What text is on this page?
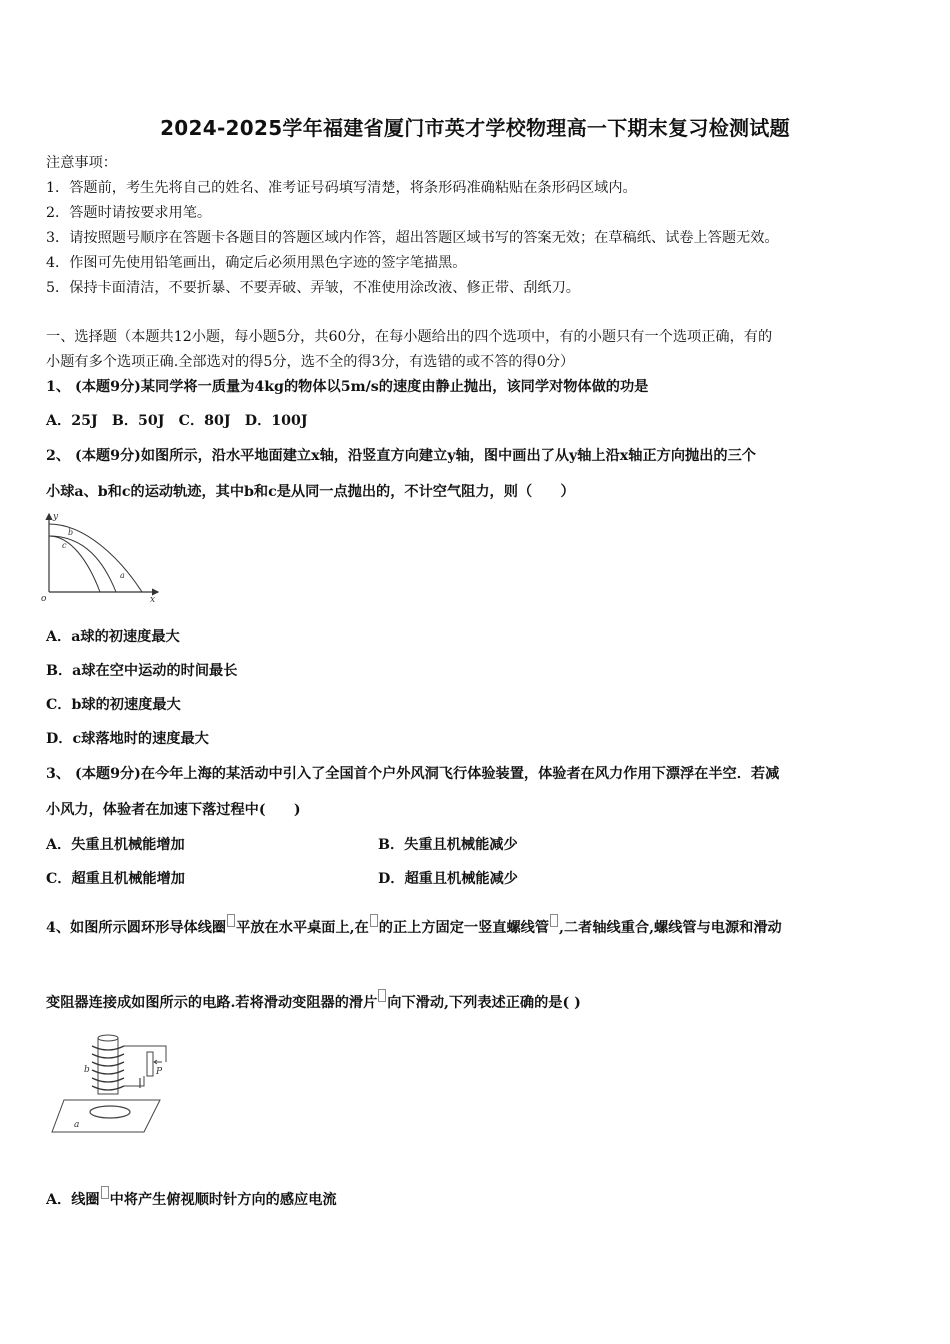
2024-2025学年福建省厦门市英才学校物理高一下期末复习检测试题
注意事项：
1．答题前，考生先将自己的姓名、准考证号码填写清楚，将条形码准确粘贴在条形码区域内。
2．答题时请按要求用笔。
3．请按照题号顺序在答题卡各题目的答题区域内作答，超出答题区域书写的答案无效；在草稿纸、试卷上答题无效。
4．作图可先使用铅笔画出，确定后必须用黑色字迹的签字笔描黑。
5．保持卡面清洁，不要折暴、不要弄破、弄皱，不准使用涂改液、修正带、刮纸刀。
一、选择题（本题共12小题，每小题5分，共60分，在每小题给出的四个选项中，有的小题只有一个选项正确，有的
小题有多个选项正确.全部选对的得5分，选不全的得3分，有选错的或不答的得0分）
1、 (本题9分)某同学将一质量为4kg的物体以5m/s的速度由静止抛出，该同学对物体做的功是
A．25J　B．50J　C．80J　D．100J
2、 (本题9分)如图所示，沿水平地面建立x轴，沿竖直方向建立y轴，图中画出了从y轴上沿x轴正方向抛出的三个
小球a、b和c的运动轨迹，其中b和c是从同一点抛出的，不计空气阻力，则（　　）
y
o	x
a
b
c
A．a球的初速度最大
B．a球在空中运动的时间最长
C．b球的初速度最大
D．c球落地时的速度最大
3、 (本题9分)在今年上海的某活动中引入了全国首个户外风洞飞行体验装置，体验者在风力作用下漂浮在半空．若减
小风力，体验者在加速下落过程中(　　)
A．失重且机械能增加	B．失重且机械能减少
C．超重且机械能增加	D．超重且机械能减少
4、如图所示圆环形导体线圈 平放在水平桌面上,在 的正上方固定一竖直螺线管 ,二者轴线重合,螺线管与电源和滑动
变阻器连接成如图所示的电路.若将滑动变阻器的滑片 向下滑动,下列表述正确的是( )
b	P
a
A．线圈 中将产生俯视顺时针方向的感应电流
